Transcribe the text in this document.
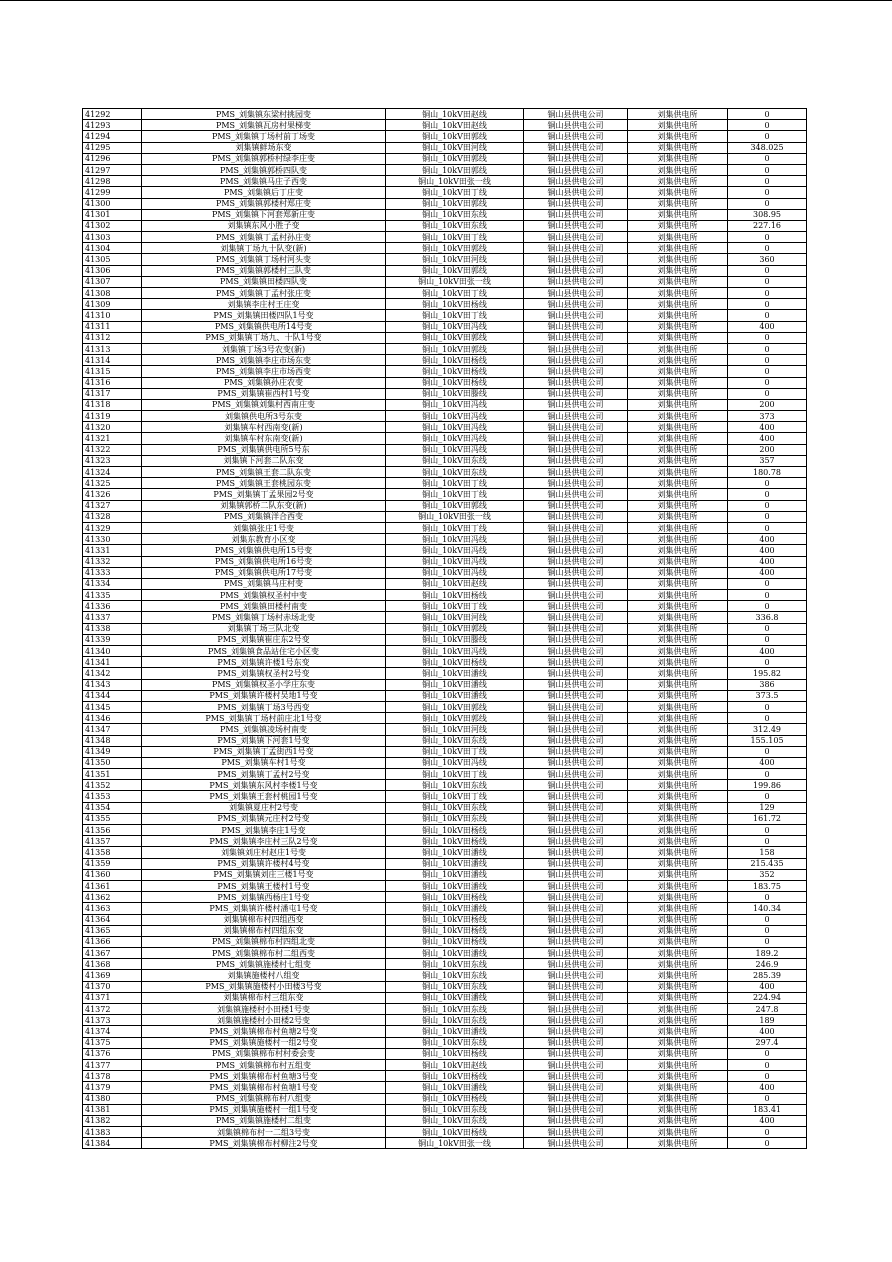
41292	PMS_刘集镇东梁村挑园变	铜山_10kV田赵线	铜山县供电公司	刘集供电所	0
41293	PMS_刘集镇瓦房村果梯变	铜山_10kV田赵线	铜山县供电公司	刘集供电所	0
41294	PMS_刘集镇丁场村前丁场变	铜山_10kV田郭线	铜山县供电公司	刘集供电所	0
41295	刘集镇鲜场东变	铜山_10kV田河线	铜山县供电公司	刘集供电所	348.025
41296	PMS_刘集镇郭桥村绿李庄变	铜山_10kV田郭线	铜山县供电公司	刘集供电所	0
41297	PMS_刘集镇郭桥四队变	铜山_10kV田郭线	铜山县供电公司	刘集供电所	0
41298	PMS_刘集镇马庄子西变	铜山_10kV田张一线	铜山县供电公司	刘集供电所	0
41299	PMS_刘集镇后丁庄变	铜山_10kV田丁线	铜山县供电公司	刘集供电所	0
41300	PMS_刘集镇郭楼村郑庄变	铜山_10kV田郭线	铜山县供电公司	刘集供电所	0
41301	PMS_刘集镇下河套郑新庄变	铜山_10kV田东线	铜山县供电公司	刘集供电所	308.95
41302	刘集镇东风小胜子变	铜山_10kV田东线	铜山县供电公司	刘集供电所	227.16
41303	PMS_刘集镇丁孟村孙庄变	铜山_10kV田丁线	铜山县供电公司	刘集供电所	0
41304	刘集镇丁场九十队变(新)	铜山_10kV田郭线	铜山县供电公司	刘集供电所	0
41305	PMS_刘集镇丁场村河头变	铜山_10kV田河线	铜山县供电公司	刘集供电所	360
41306	PMS_刘集镇郭楼村三队变	铜山_10kV田郭线	铜山县供电公司	刘集供电所	0
41307	PMS_刘集镇田楼四队变	铜山_10kV田张一线	铜山县供电公司	刘集供电所	0
41308	PMS_刘集镇丁孟村张庄变	铜山_10kV田丁线	铜山县供电公司	刘集供电所	0
41309	刘集镇李庄村王庄变	铜山_10kV田杨线	铜山县供电公司	刘集供电所	0
41310	PMS_刘集镇田楼四队1号变	铜山_10kV田丁线	铜山县供电公司	刘集供电所	0
41311	PMS_刘集镇供电所14号变	铜山_10kV田冯线	铜山县供电公司	刘集供电所	400
41312	PMS_刘集镇丁场九、十队1号变	铜山_10kV田郭线	铜山县供电公司	刘集供电所	0
41313	刘集镇丁场3号农变(新)	铜山_10kV田郭线	铜山县供电公司	刘集供电所	0
41314	PMS_刘集镇李庄市场东变	铜山_10kV田杨线	铜山县供电公司	刘集供电所	0
41315	PMS_刘集镇李庄市场西变	铜山_10kV田杨线	铜山县供电公司	刘集供电所	0
41316	PMS_刘集镇孙庄农变	铜山_10kV田杨线	铜山县供电公司	刘集供电所	0
41317	PMS_刘集镇崔西村1号变	铜山_10kV田滕线	铜山县供电公司	刘集供电所	0
41318	PMS_刘集镇刘集村西南庄变	铜山_10kV田冯线	铜山县供电公司	刘集供电所	200
41319	刘集镇供电所3号东变	铜山_10kV田冯线	铜山县供电公司	刘集供电所	373
41320	刘集镇车村西南变(新)	铜山_10kV田冯线	铜山县供电公司	刘集供电所	400
41321	刘集镇车村东南变(新)	铜山_10kV田冯线	铜山县供电公司	刘集供电所	400
41322	PMS_刘集镇供电所5号东	铜山_10kV田冯线	铜山县供电公司	刘集供电所	200
41323	刘集镇下河套二队东变	铜山_10kV田东线	铜山县供电公司	刘集供电所	357
41324	PMS_刘集镇王套二队东变	铜山_10kV田东线	铜山县供电公司	刘集供电所	180.78
41325	PMS_刘集镇王套桃园东变	铜山_10kV田丁线	铜山县供电公司	刘集供电所	0
41326	PMS_刘集镇丁孟果园2号变	铜山_10kV田丁线	铜山县供电公司	刘集供电所	0
41327	刘集镇郭桥二队东变(新)	铜山_10kV田郭线	铜山县供电公司	刘集供电所	0
41328	PMS_刘集镇洋合西变	铜山_10kV田张一线	铜山县供电公司	刘集供电所	0
41329	刘集镇张庄1号变	铜山_10kV田丁线	铜山县供电公司	刘集供电所	0
41330	刘集东教育小区变	铜山_10kV田冯线	铜山县供电公司	刘集供电所	400
41331	PMS_刘集镇供电所15号变	铜山_10kV田冯线	铜山县供电公司	刘集供电所	400
41332	PMS_刘集镇供电所16号变	铜山_10kV田冯线	铜山县供电公司	刘集供电所	400
41333	PMS_刘集镇供电所17号变	铜山_10kV田冯线	铜山县供电公司	刘集供电所	400
41334	PMS_刘集镇马庄村变	铜山_10kV田赵线	铜山县供电公司	刘集供电所	0
41335	PMS_刘集镇权圣村中变	铜山_10kV田杨线	铜山县供电公司	刘集供电所	0
41336	PMS_刘集镇田楼村南变	铜山_10kV田丁线	铜山县供电公司	刘集供电所	0
41337	PMS_刘集镇丁场村赤场北变	铜山_10kV田河线	铜山县供电公司	刘集供电所	336.8
41338	刘集镇丁场三队北变	铜山_10kV田郭线	铜山县供电公司	刘集供电所	0
41339	PMS_刘集镇崔庄东2号变	铜山_10kV田滕线	铜山县供电公司	刘集供电所	0
41340	PMS_刘集镇食品站住宅小区变	铜山_10kV田冯线	铜山县供电公司	刘集供电所	400
41341	PMS_刘集镇许楼1号东变	铜山_10kV田杨线	铜山县供电公司	刘集供电所	0
41342	PMS_刘集镇权圣村2号变	铜山_10kV田潘线	铜山县供电公司	刘集供电所	195.82
41343	PMS_刘集镇权圣小学庄东变	铜山_10kV田潘线	铜山县供电公司	刘集供电所	386
41344	PMS_刘集镇许楼村吴地1号变	铜山_10kV田潘线	铜山县供电公司	刘集供电所	373.5
41345	PMS_刘集镇丁场3号西变	铜山_10kV田郭线	铜山县供电公司	刘集供电所	0
41346	PMS_刘集镇丁场村前庄北1号变	铜山_10kV田郭线	铜山县供电公司	刘集供电所	0
41347	PMS_刘集镇凌场村南变	铜山_10kV田河线	铜山县供电公司	刘集供电所	312.49
41348	PMS_刘集镇下河套1号变	铜山_10kV田东线	铜山县供电公司	刘集供电所	155.105
41349	PMS_刘集镇丁孟街西1号变	铜山_10kV田丁线	铜山县供电公司	刘集供电所	0
41350	PMS_刘集镇车村1号变	铜山_10kV田冯线	铜山县供电公司	刘集供电所	400
41351	PMS_刘集镇丁孟村2号变	铜山_10kV田丁线	铜山县供电公司	刘集供电所	0
41352	PMS_刘集镇东风村李楼1号变	铜山_10kV田东线	铜山县供电公司	刘集供电所	199.86
41353	PMS_刘集镇王套村桃园1号变	铜山_10kV田丁线	铜山县供电公司	刘集供电所	0
41354	刘集镇夏庄村2号变	铜山_10kV田东线	铜山县供电公司	刘集供电所	129
41355	PMS_刘集镇元庄村2号变	铜山_10kV田东线	铜山县供电公司	刘集供电所	161.72
41356	PMS_刘集镇李庄1号变	铜山_10kV田杨线	铜山县供电公司	刘集供电所	0
41357	PMS_刘集镇李庄村三队2号变	铜山_10kV田杨线	铜山县供电公司	刘集供电所	0
41358	刘集镇刘庄村赵庄1号变	铜山_10kV田潘线	铜山县供电公司	刘集供电所	158
41359	PMS_刘集镇许楼村4号变	铜山_10kV田潘线	铜山县供电公司	刘集供电所	215.435
41360	PMS_刘集镇刘庄三楼1号变	铜山_10kV田潘线	铜山县供电公司	刘集供电所	352
41361	PMS_刘集镇王楼村1号变	铜山_10kV田潘线	铜山县供电公司	刘集供电所	183.75
41362	PMS_刘集镇西杨庄1号变	铜山_10kV田杨线	铜山县供电公司	刘集供电所	0
41363	PMS_刘集镇许楼村潘屯1号变	铜山_10kV田潘线	铜山县供电公司	刘集供电所	140.34
41364	刘集镇棉布村四组西变	铜山_10kV田杨线	铜山县供电公司	刘集供电所	0
41365	刘集镇棉布村四组东变	铜山_10kV田杨线	铜山县供电公司	刘集供电所	0
41366	PMS_刘集镇棉布村四组北变	铜山_10kV田杨线	铜山县供电公司	刘集供电所	0
41367	PMS_刘集镇棉布村二组西变	铜山_10kV田潘线	铜山县供电公司	刘集供电所	189.2
41368	PMS_刘集镇施楼村七组变	铜山_10kV田东线	铜山县供电公司	刘集供电所	246.9
41369	刘集镇施楼村八组变	铜山_10kV田东线	铜山县供电公司	刘集供电所	285.39
41370	PMS_刘集镇施楼村小田楼3号变	铜山_10kV田东线	铜山县供电公司	刘集供电所	400
41371	刘集镇棉布村三组东变	铜山_10kV田潘线	铜山县供电公司	刘集供电所	224.94
41372	刘集镇施楼村小田楼1号变	铜山_10kV田东线	铜山县供电公司	刘集供电所	247.8
41373	刘集镇施楼村小田楼2号变	铜山_10kV田东线	铜山县供电公司	刘集供电所	189
41374	PMS_刘集镇棉布村鱼塘2号变	铜山_10kV田潘线	铜山县供电公司	刘集供电所	400
41375	PMS_刘集镇施楼村一组2号变	铜山_10kV田东线	铜山县供电公司	刘集供电所	297.4
41376	PMS_刘集镇棉布村村委会变	铜山_10kV田杨线	铜山县供电公司	刘集供电所	0
41377	PMS_刘集镇棉布村五组变	铜山_10kV田赵线	铜山县供电公司	刘集供电所	0
41378	PMS_刘集镇棉布村鱼塘3号变	铜山_10kV田杨线	铜山县供电公司	刘集供电所	0
41379	PMS_刘集镇棉布村鱼塘1号变	铜山_10kV田潘线	铜山县供电公司	刘集供电所	400
41380	PMS_刘集镇棉布村八组变	铜山_10kV田杨线	铜山县供电公司	刘集供电所	0
41381	PMS_刘集镇施楼村一组1号变	铜山_10kV田东线	铜山县供电公司	刘集供电所	183.41
41382	PMS_刘集镇施楼村二组变	铜山_10kV田东线	铜山县供电公司	刘集供电所	400
41383	刘集镇棉布村一二组3号变	铜山_10kV田杨线	铜山县供电公司	刘集供电所	0
41384	PMS_刘集镇棉布村柳注2号变	铜山_10kV田张一线	铜山县供电公司	刘集供电所	0
